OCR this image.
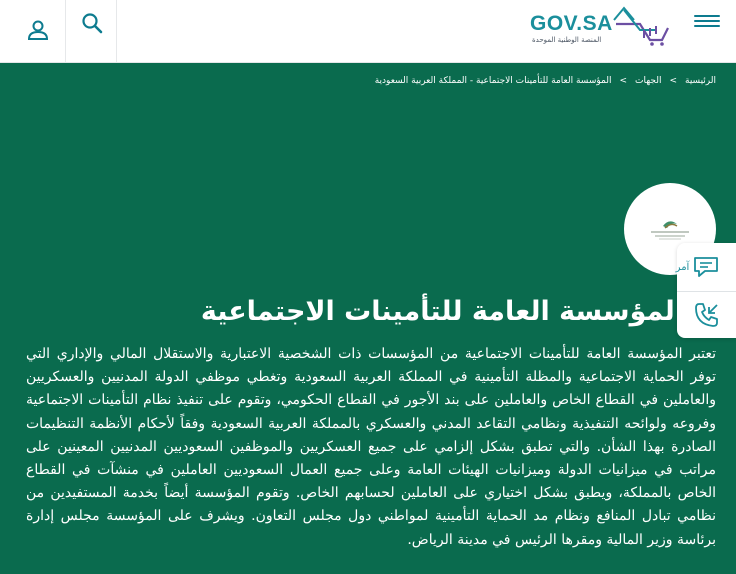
GOV.SA
المنصة الوطنية الموحدة
الرئيسية>الجهات>المؤسسة العامة للتأمينات الاجتماعية - المملكة العربية السعودية
آمر
المؤسسة العامة للتأمينات الاجتماعية

تعتبر المؤسسة العامة للتأمينات الاجتماعية من المؤسسات ذات الشخصية الاعتبارية والاستقلال المالي والإداري التي توفر الحماية الاجتماعية والمظلة التأمينية في المملكة العربية السعودية وتغطي موظفي الدولة المدنيين والعسكريين والعاملين في القطاع الخاص والعاملين على بند الأجور في القطاع الحكومي، وتقوم على تنفيذ نظام التأمينات الاجتماعية وفروعه ولوائحه التنفيذية ونظامي التقاعد المدني والعسكري بالمملكة العربية السعودية وفقاً لأحكام الأنظمة التنظيمات الصادرة بهذا الشأن. والتي تطبق بشكل إلزامي على جميع العسكريين والموظفين السعوديين المدنيين المعينين على مراتب في ميزانيات الدولة وميزانيات الهيئات العامة وعلى جميع العمال السعوديين العاملين في منشآت في القطاع الخاص بالمملكة، ويطبق بشكل اختياري على العاملين لحسابهم الخاص. وتقوم المؤسسة أيضاً بخدمة المستفيدين من نظامي تبادل المنافع ونظام مد الحماية التأمينية لمواطني دول مجلس التعاون. ويشرف على المؤسسة مجلس إدارة برئاسة وزير المالية ومقرها الرئيس في مدينة الرياض.
